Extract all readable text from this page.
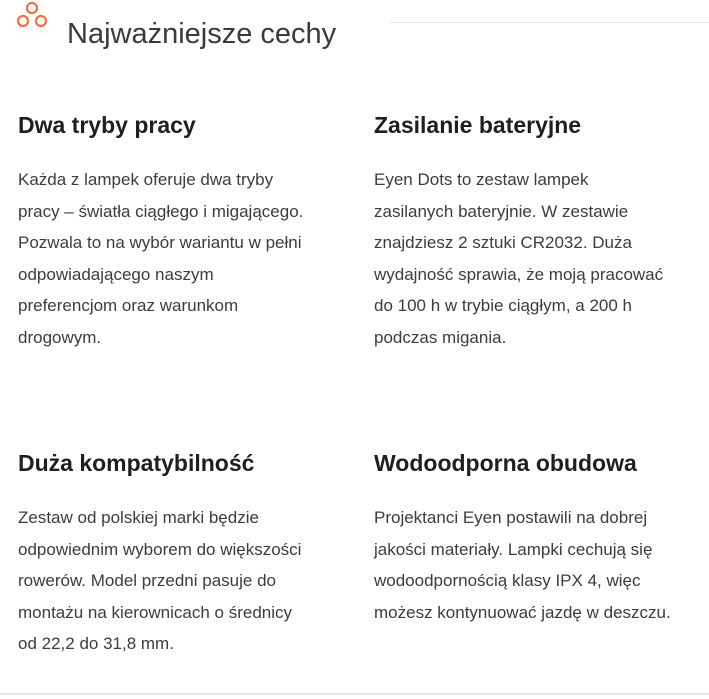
Najważniejsze cechy
Dwa tryby pracy

Każda z lampek oferuje dwa tryby
pracy – światła ciągłego i migającego.
Pozwala to na wybór wariantu w pełni
odpowiadającego naszym
preferencjom oraz warunkom
drogowym.

Zasilanie bateryjne

Eyen Dots to zestaw lampek
zasilanych bateryjnie. W zestawie
znajdziesz 2 sztuki CR2032. Duża
wydajność sprawia, że moją pracować
do 100 h w trybie ciągłym, a 200 h
podczas migania.

Duża kompatybilność

Zestaw od polskiej marki będzie
odpowiednim wyborem do większości
rowerów. Model przedni pasuje do
montażu na kierownicach o średnicy
od 22,2 do 31,8 mm.

Wodoodporna obudowa

Projektanci Eyen postawili na dobrej
jakości materiały. Lampki cechują się
wodoodpornością klasy IPX 4, więc
możesz kontynuować jazdę w deszczu.
